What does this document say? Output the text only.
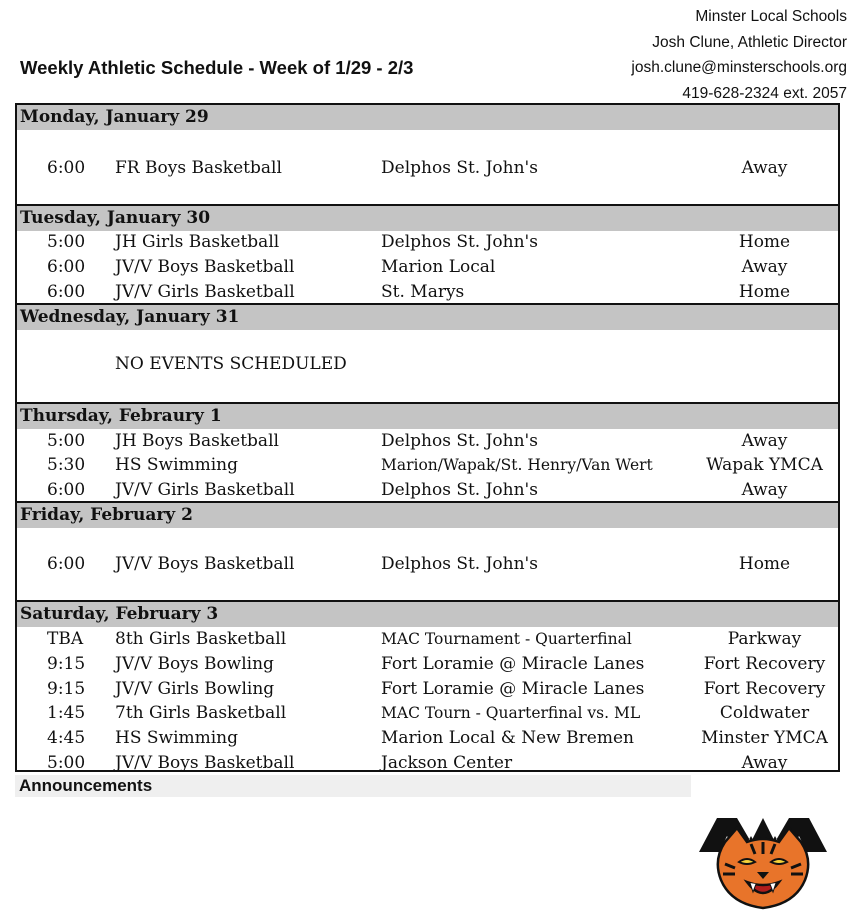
Minster Local Schools
Josh Clune, Athletic Director
josh.clune@minsterschools.org
419-628-2324 ext. 2057
Weekly Athletic Schedule - Week of 1/29 - 2/3
Monday, January 29
6:00	FR Boys Basketball	Delphos St. John's	Away
Tuesday, January 30
5:00	JH Girls Basketball	Delphos St. John's	Home
6:00	JV/V Boys Basketball	Marion Local	Away
6:00	JV/V Girls Basketball	St. Marys	Home
Wednesday, January 31
NO EVENTS SCHEDULED
Thursday, Febraury 1
5:00	JH Boys Basketball	Delphos St. John's	Away
5:30	HS Swimming	Marion/Wapak/St. Henry/Van Wert	Wapak YMCA
6:00	JV/V Girls Basketball	Delphos St. John's	Away
Friday, February 2
6:00	JV/V Boys Basketball	Delphos St. John's	Home
Saturday, February 3
TBA	8th Girls Basketball	MAC Tournament - Quarterfinal	Parkway
9:15	JV/V Boys Bowling	Fort Loramie @ Miracle Lanes	Fort Recovery
9:15	JV/V Girls Bowling	Fort Loramie @ Miracle Lanes	Fort Recovery
1:45	7th Girls Basketball	MAC Tourn - Quarterfinal vs. ML	Coldwater
4:45	HS Swimming	Marion Local & New Bremen	Minster YMCA
5:00	JV/V Boys Basketball	Jackson Center	Away
Announcements
